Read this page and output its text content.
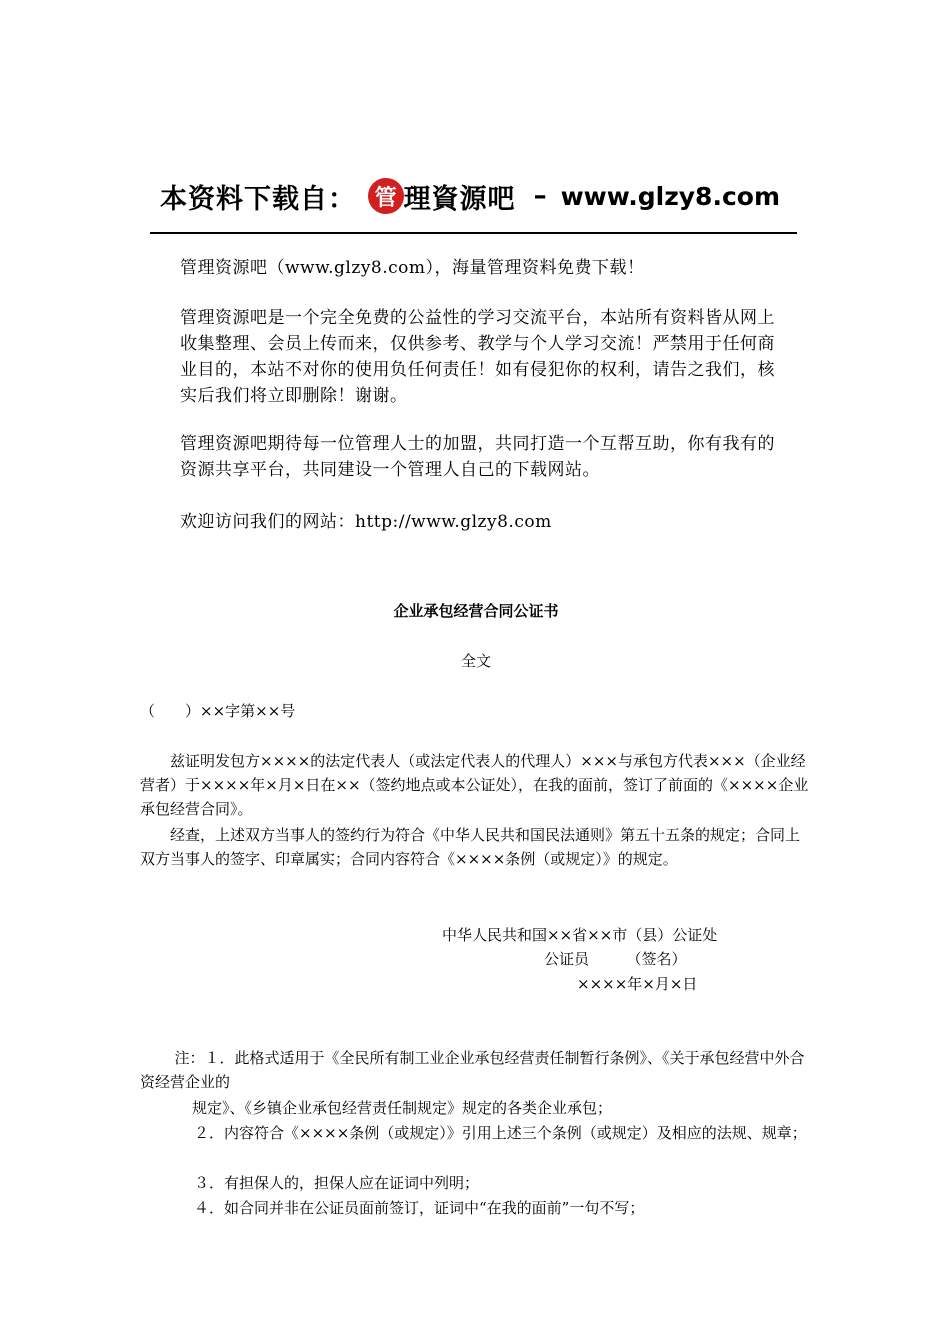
本资料下载自： 管 理資源吧 – www.glzy8.com
管理资源吧（www.glzy8.com），海量管理资料免费下载！
管理资源吧是一个完全免费的公益性的学习交流平台，本站所有资料皆从网上收集整理、会员上传而来，仅供参考、教学与个人学习交流！严禁用于任何商业目的，本站不对你的使用负任何责任！如有侵犯你的权利，请告之我们，核实后我们将立即删除！谢谢。
管理资源吧期待每一位管理人士的加盟，共同打造一个互帮互助，你有我有的资源共享平台，共同建设一个管理人自己的下载网站。
欢迎访问我们的网站：http://www.glzy8.com
企业承包经营合同公证书
全文
（　　）××字第××号
兹证明发包方××××的法定代表人（或法定代表人的代理人）×××与承包方代表×××（企业经营者）于××××年×月×日在××（签约地点或本公证处），在我的面前，签订了前面的《××××企业承包经营合同》。
经查，上述双方当事人的签约行为符合《中华人民共和国民法通则》第五十五条的规定；合同上双方当事人的签字、印章属实；合同内容符合《××××条例（或规定）》的规定。
中华人民共和国××省××市（县）公证处
公证员　　　（签名）
××××年×月×日
注：１．此格式适用于《全民所有制工业企业承包经营责任制暂行条例》、《关于承包经营中外合资经营企业的
规定》、《乡镇企业承包经营责任制规定》规定的各类企业承包；
２．内容符合《××××条例（或规定）》引用上述三个条例（或规定）及相应的法规、规章；
３．有担保人的，担保人应在证词中列明；
４．如合同并非在公证员面前签订，证词中“在我的面前”一句不写；
